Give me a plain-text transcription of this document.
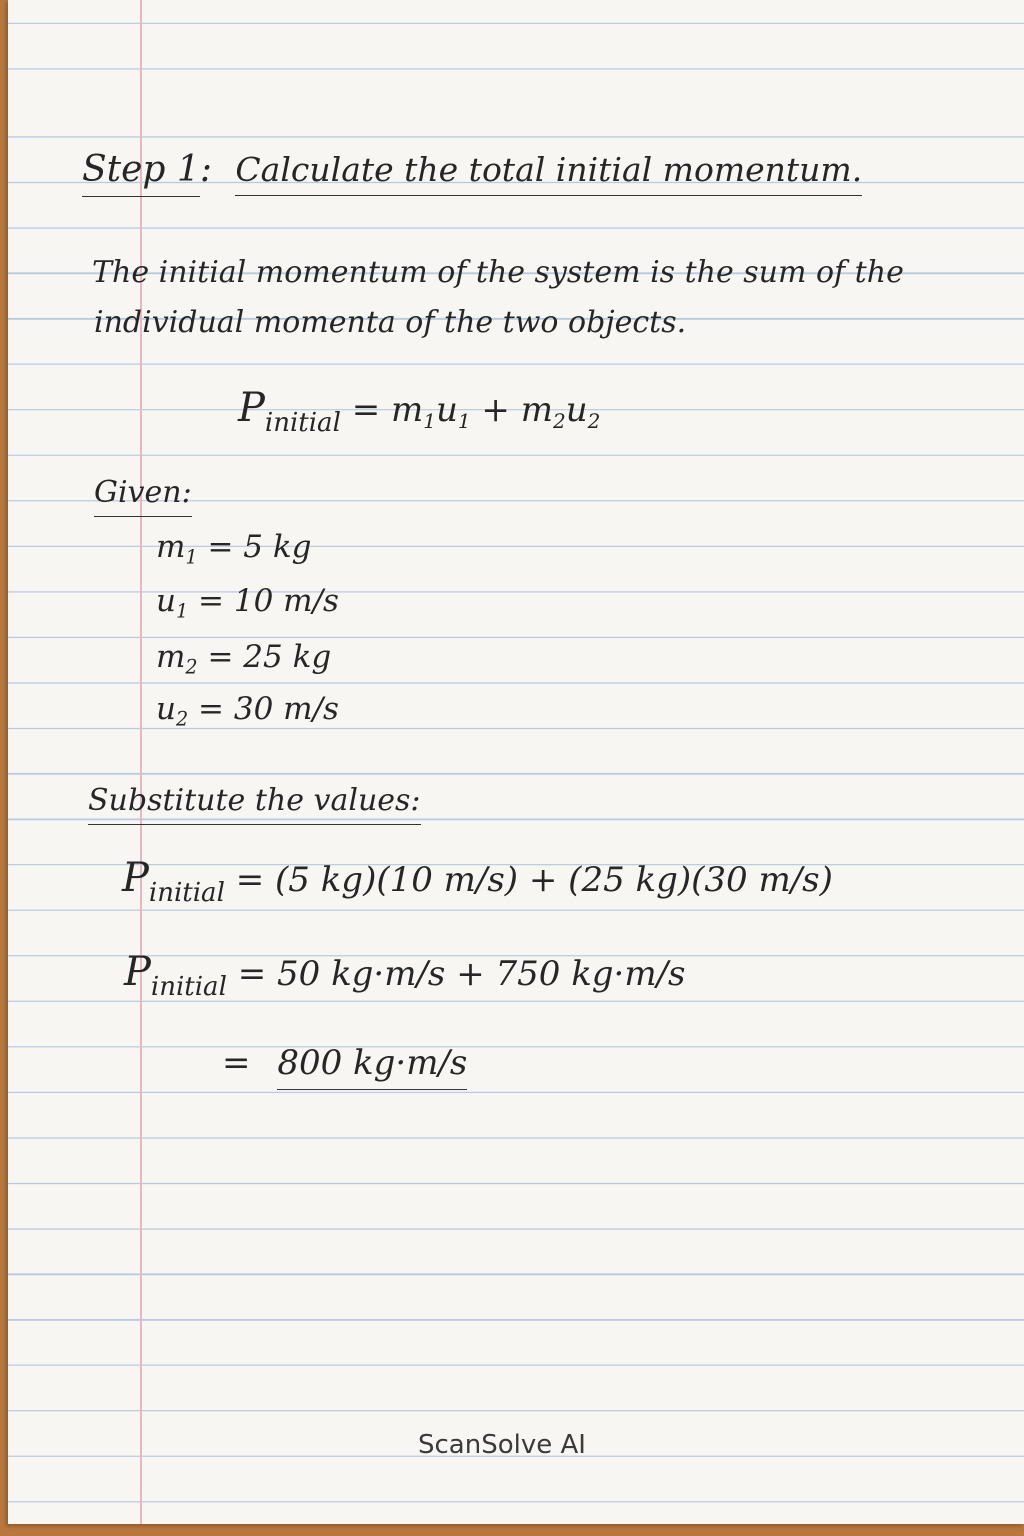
Step 1: Calculate the total initial momentum.
The initial momentum of the system is the sum of the
individual momenta of the two objects.
$P_{initial} = m_1u_1 + m_2u_2$
Given:
$m_1 = 5$ kg
$u_1 = 10$ m/s
$m_2 = 25$ kg
$u_2 = 30$ m/s
Substitute the values:
$P_{initial} = (5$ kg)(10 m/s) + (25 kg)(30 m/s)
$P_{initial} = 50$ kg·m/s + 750 kg·m/s
= 800 kg·m/s
ScanSolve AI
